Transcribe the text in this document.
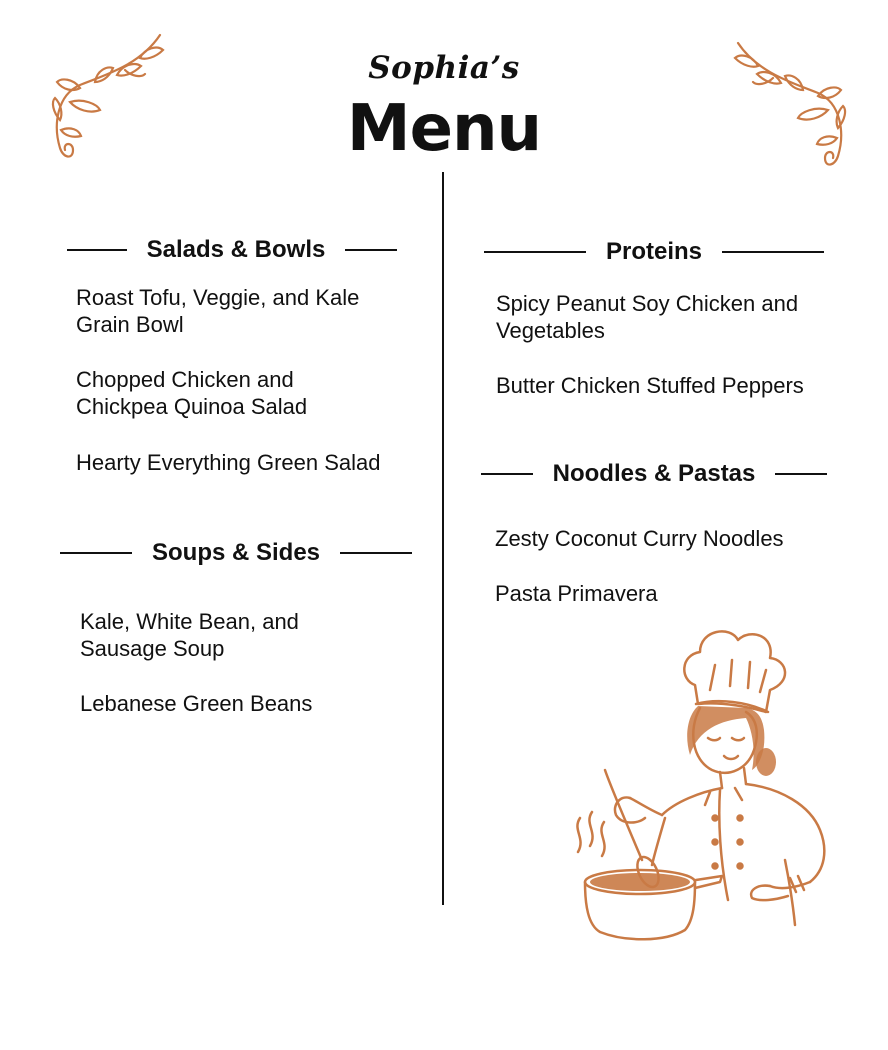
Sophia’s
Menu
Salads & Bowls
Roast Tofu, Veggie, and Kale
Grain Bowl
Chopped Chicken and
Chickpea Quinoa Salad
Hearty Everything Green Salad
Soups & Sides
Kale, White Bean, and
Sausage Soup
Lebanese Green Beans
Proteins
Spicy Peanut Soy Chicken and
Vegetables
Butter Chicken Stuffed Peppers
Noodles & Pastas
Zesty Coconut Curry Noodles
Pasta Primavera
